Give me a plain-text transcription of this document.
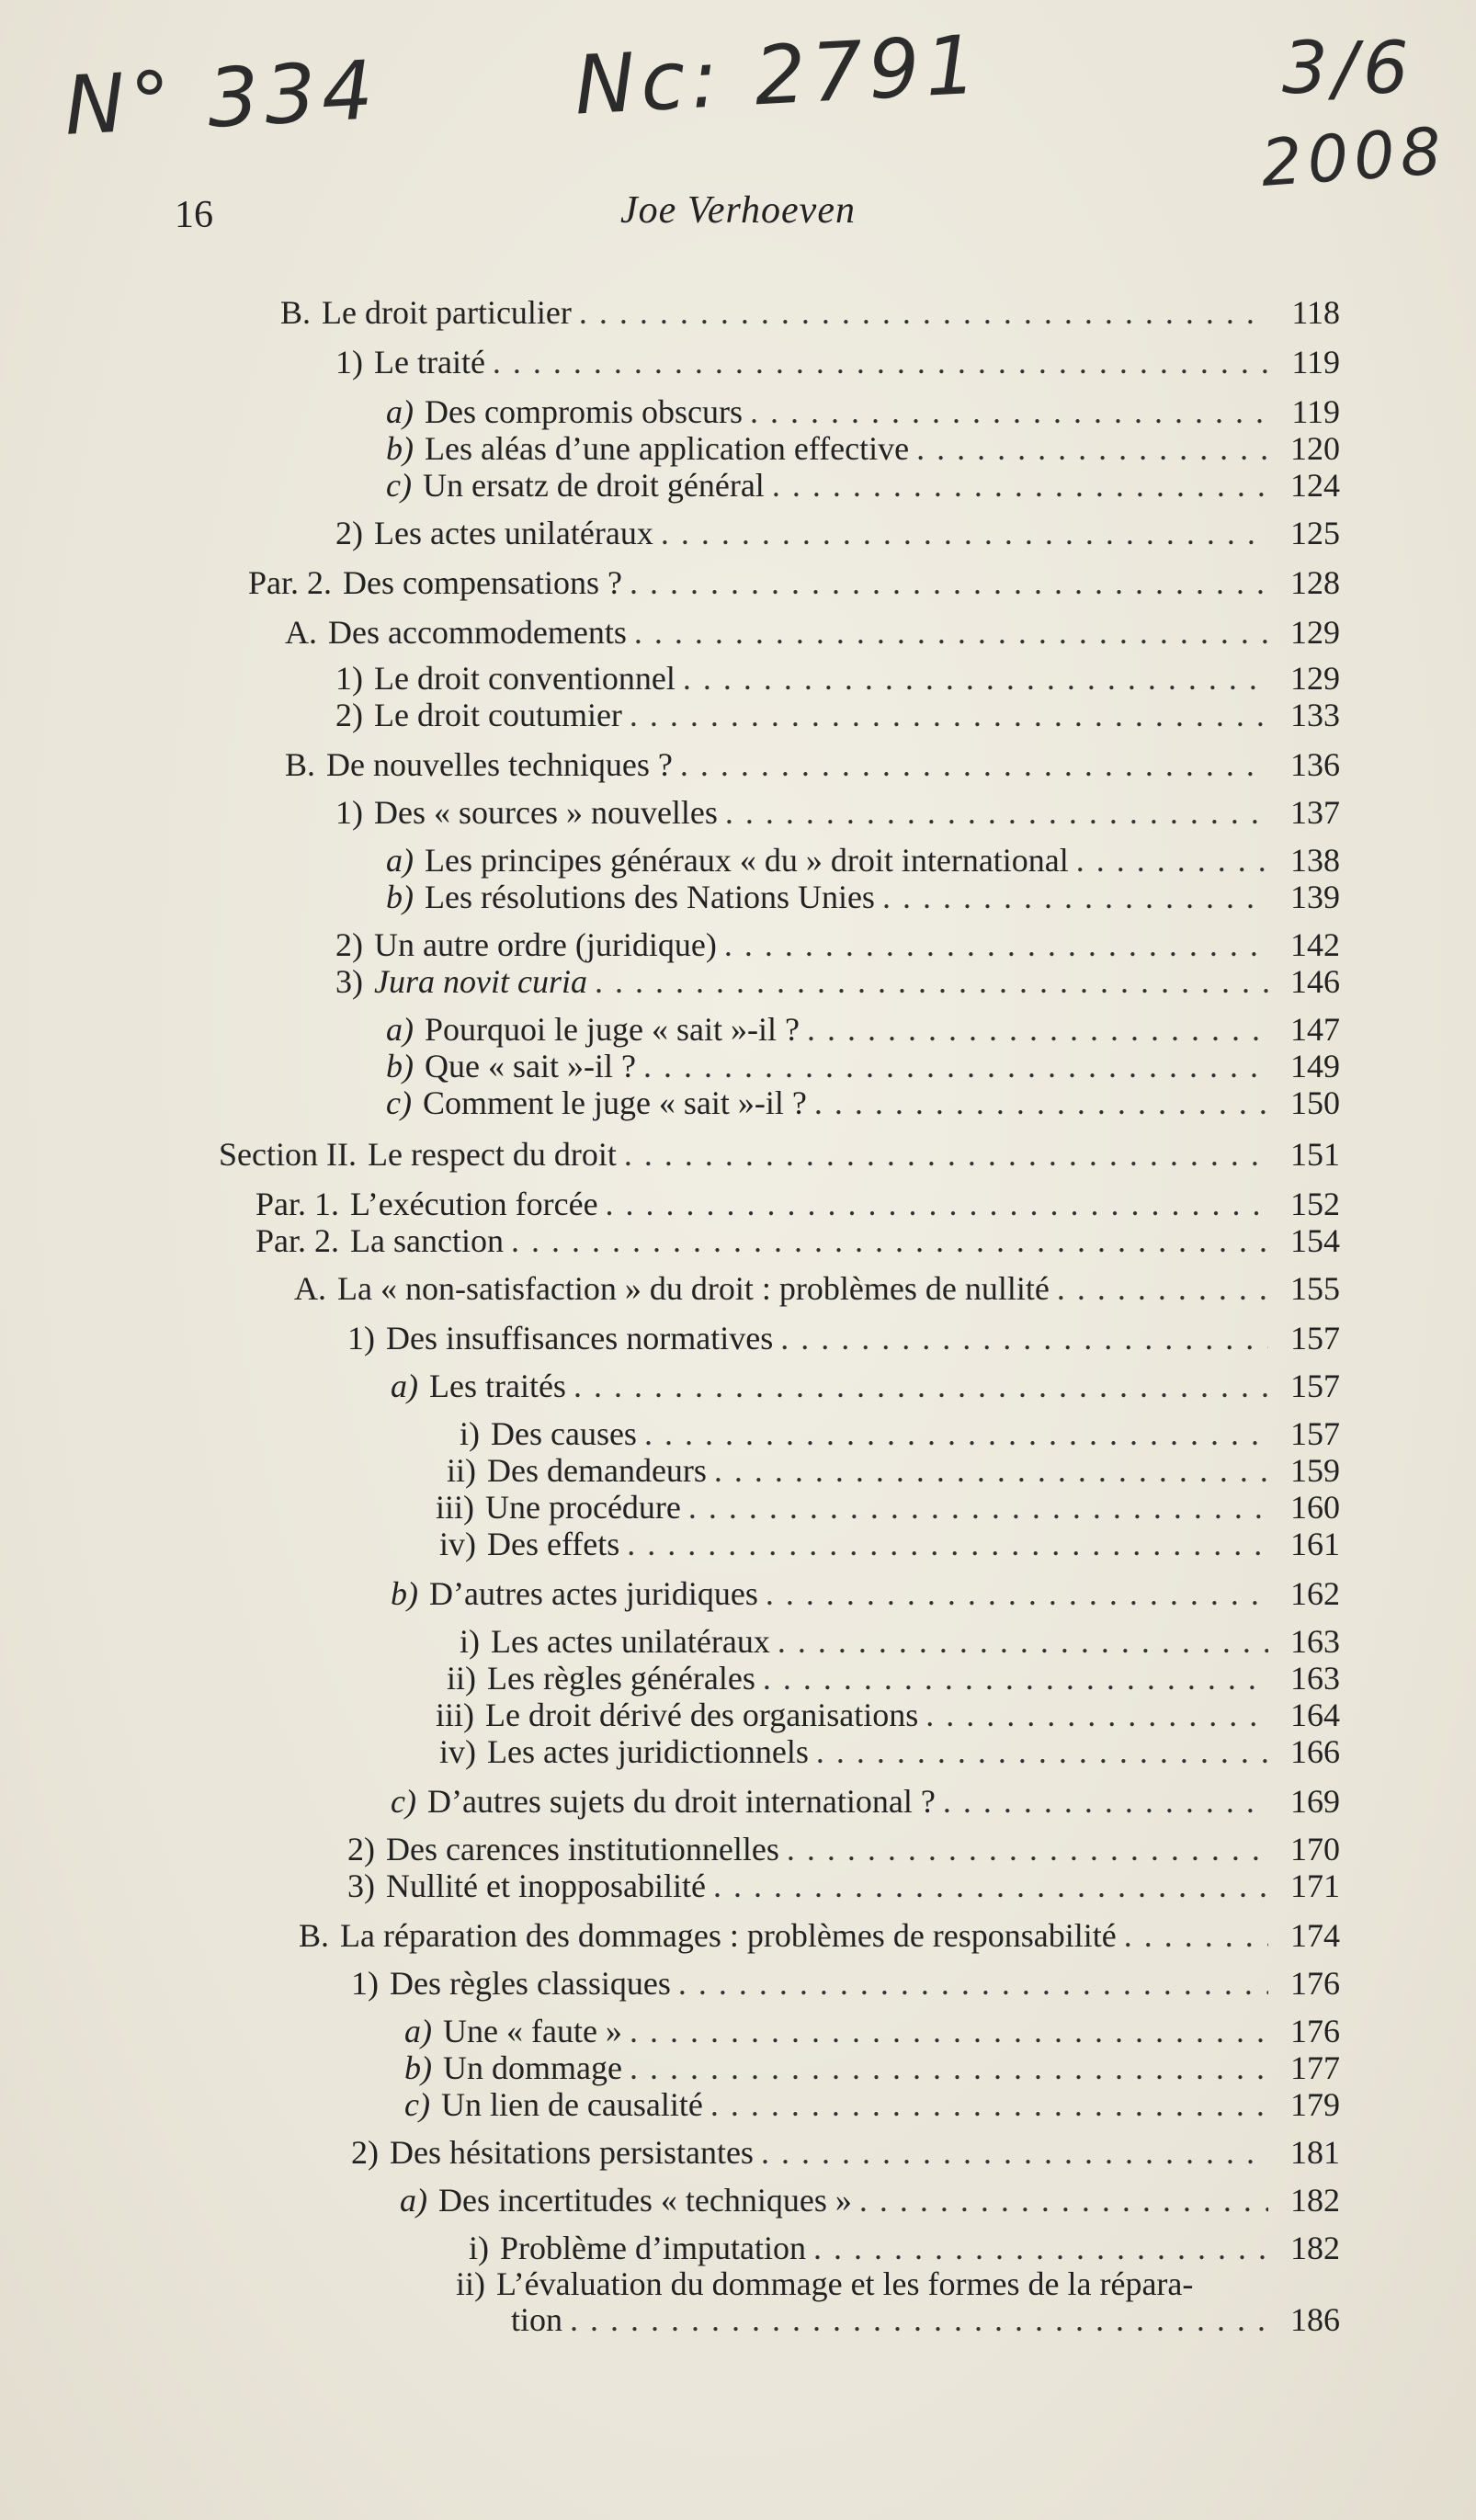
N° 334 Nc: 2791	3/6
2008
16	Joe Verhoeven
B. Le droit particulier . . .	118
1) Le traité . . .	119
a) Des compromis obscurs . . .	119
b) Les aléas d’une application effective . . .	120
c) Un ersatz de droit général . . .	124
2) Les actes unilatéraux . . .	125
Par. 2. Des compensations ? . . .	128
A. Des accommodements . . .	129
1) Le droit conventionnel . . .	129
2) Le droit coutumier . . .	133
B. De nouvelles techniques ? . . .	136
1) Des « sources » nouvelles . . .	137
a) Les principes généraux « du » droit international . . .	138
b) Les résolutions des Nations Unies . . .	139
2) Un autre ordre (juridique) . . .	142
3) Jura novit curia . . .	146
a) Pourquoi le juge « sait »-il ? . . .	147
b) Que « sait »-il ? . . .	149
c) Comment le juge « sait »-il ? . . .	150
Section II. Le respect du droit . . .	151
Par. 1. L’exécution forcée . . .	152
Par. 2. La sanction . . .	154
A. La « non-satisfaction » du droit : problèmes de nullité . . .	155
1) Des insuffisances normatives . . .	157
a) Les traités . . .	157
i) Des causes . . .	157
ii) Des demandeurs . . .	159
iii) Une procédure . . .	160
iv) Des effets . . .	161
b) D’autres actes juridiques . . .	162
i) Les actes unilatéraux . . .	163
ii) Les règles générales . . .	163
iii) Le droit dérivé des organisations . . .	164
iv) Les actes juridictionnels . . .	166
c) D’autres sujets du droit international ? . . .	169
2) Des carences institutionnelles . . .	170
3) Nullité et inopposabilité . . .	171
B. La réparation des dommages : problèmes de responsabilité . . .	174
1) Des règles classiques . . .	176
a) Une « faute » . . .	176
b) Un dommage . . .	177
c) Un lien de causalité . . .	179
2) Des hésitations persistantes . . .	181
a) Des incertitudes « techniques » . . .	182
i) Problème d’imputation . . .	182
ii) L’évaluation du dommage et les formes de la répara-
tion . . .	186
